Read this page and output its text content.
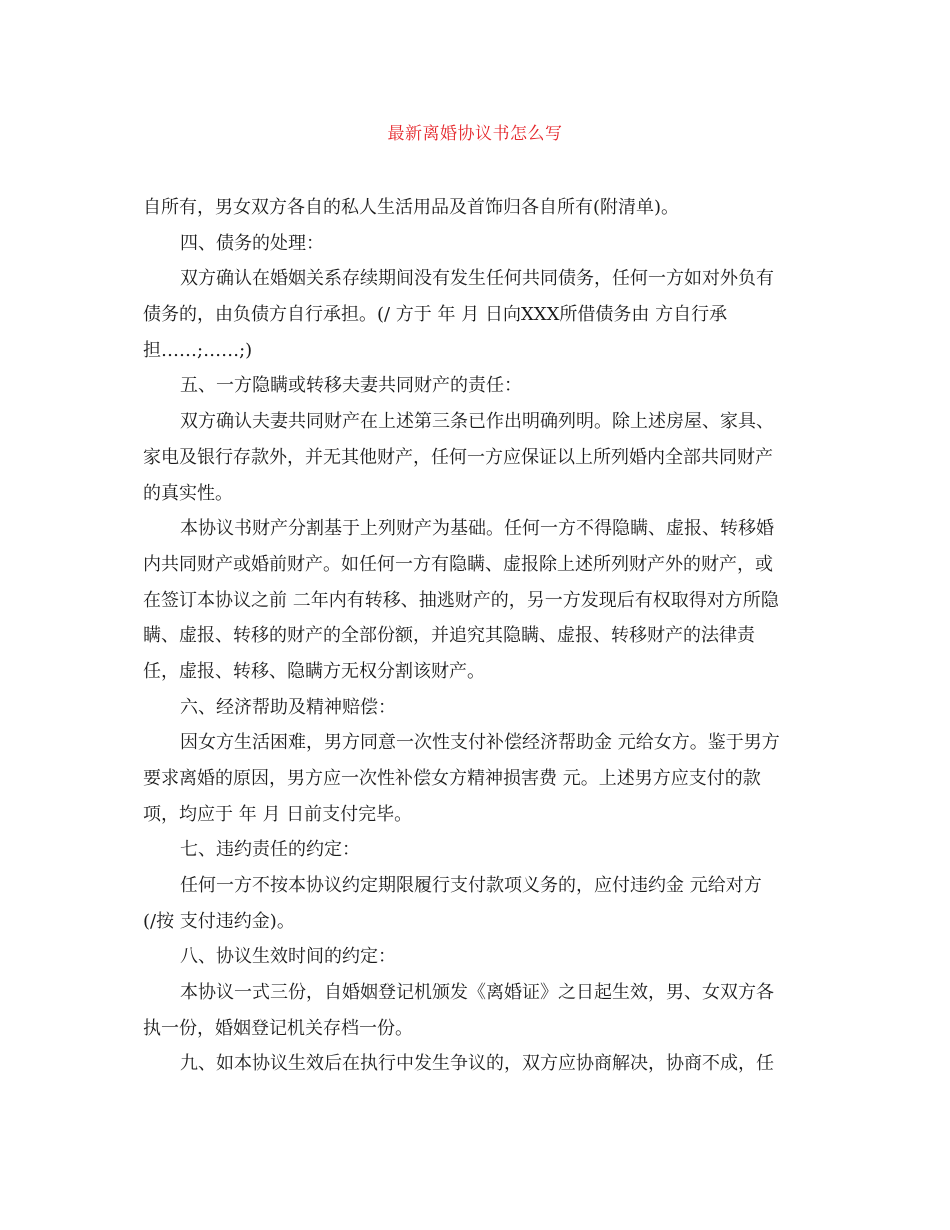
最新离婚协议书怎么写
自所有，男女双方各自的私人生活用品及首饰归各自所有(附清单)。
四、债务的处理：
双方确认在婚姻关系存续期间没有发生任何共同债务，任何一方如对外负有
债务的，由负债方自行承担。(/ 方于 年 月 日向XXX所借债务由 方自行承
担……;……;)
五、一方隐瞒或转移夫妻共同财产的责任：
双方确认夫妻共同财产在上述第三条已作出明确列明。除上述房屋、家具、
家电及银行存款外，并无其他财产，任何一方应保证以上所列婚内全部共同财产
的真实性。
本协议书财产分割基于上列财产为基础。任何一方不得隐瞒、虚报、转移婚
内共同财产或婚前财产。如任何一方有隐瞒、虚报除上述所列财产外的财产，或
在签订本协议之前 二年内有转移、抽逃财产的，另一方发现后有权取得对方所隐
瞒、虚报、转移的财产的全部份额，并追究其隐瞒、虚报、转移财产的法律责
任，虚报、转移、隐瞒方无权分割该财产。
六、经济帮助及精神赔偿：
因女方生活困难，男方同意一次性支付补偿经济帮助金 元给女方。鉴于男方
要求离婚的原因，男方应一次性补偿女方精神损害费 元。上述男方应支付的款
项，均应于 年 月 日前支付完毕。
七、违约责任的约定：
任何一方不按本协议约定期限履行支付款项义务的，应付违约金 元给对方
(/按 支付违约金)。
八、协议生效时间的约定：
本协议一式三份，自婚姻登记机颁发《离婚证》之日起生效，男、女双方各
执一份，婚姻登记机关存档一份。
九、如本协议生效后在执行中发生争议的，双方应协商解决，协商不成，任
